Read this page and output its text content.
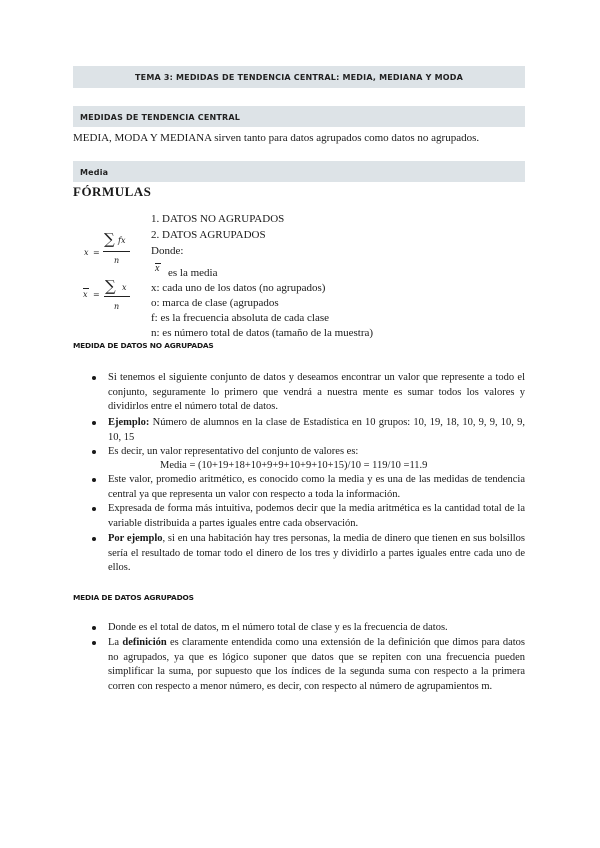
TEMA 3: MEDIDAS DE TENDENCIA CENTRAL: MEDIA, MEDIANA Y MODA
MEDIDAS DE TENDENCIA CENTRAL
MEDIA, MODA Y MEDIANA sirven tanto para datos agrupados como datos no agrupados.
Media
FÓRMULAS
x =
∑ fx
n
x = ∑ x
n
1. DATOS NO AGRUPADOS
2. DATOS AGRUPADOS
Donde:
x es la media
x: cada uno de los datos (no agrupados)
o: marca de clase (agrupados
f: es la frecuencia absoluta de cada clase
n: es número total de datos (tamaño de la muestra)
MEDIDA DE DATOS NO AGRUPADAS
Si tenemos el siguiente conjunto de datos y deseamos encontrar un valor que represente a todo el conjunto, seguramente lo primero que vendrá a nuestra mente es sumar todos los valores y dividirlos entre el número total de datos.
Ejemplo: Número de alumnos en la clase de Estadística en 10 grupos: 10, 19, 18, 10, 9, 9, 10, 9, 10, 15
Es decir, un valor representativo del conjunto de valores es:
Media = (10+19+18+10+9+9+10+9+10+15)/10 = 119/10 =11.9
Este valor, promedio aritmético, es conocido como la media y es una de las medidas de tendencia central ya que representa un valor con respecto a toda la información.
Expresada de forma más intuitiva, podemos decir que la media aritmética es la cantidad total de la variable distribuida a partes iguales entre cada observación.
Por ejemplo, si en una habitación hay tres personas, la media de dinero que tienen en sus bolsillos sería el resultado de tomar todo el dinero de los tres y dividirlo a partes iguales entre cada uno de ellos.
MEDIA DE DATOS AGRUPADOS
Donde es el total de datos, m el número total de clase y es la frecuencia de datos.
La definición es claramente entendida como una extensión de la definición que dimos para datos no agrupados, ya que es lógico suponer que datos que se repiten con una frecuencia pueden simplificar la suma, por supuesto que los índices de la segunda suma con respecto a la primera corren con respecto a menor número, es decir, con respecto al número de agrupamientos m.
